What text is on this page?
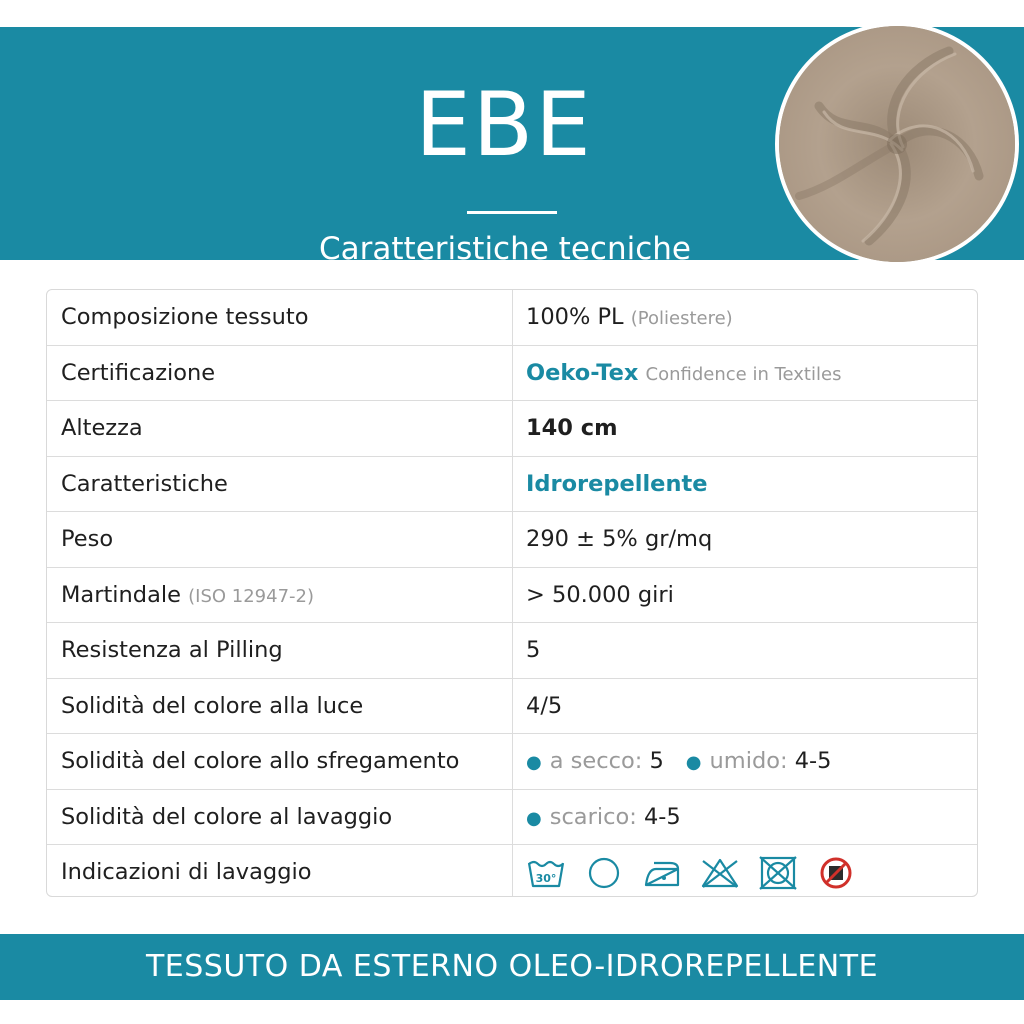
EBE
Caratteristiche tecniche
Composizione tessuto	100% PL (Poliestere)
Certificazione	Oeko-Tex Confidence in Textiles
Altezza	140 cm
Caratteristiche	Idrorepellente
Peso	290 ± 5% gr/mq
Martindale (ISO 12947-2)	> 50.000 giri
Resistenza al Pilling	5
Solidità del colore alla luce	4/5
Solidità del colore allo sfregamento	● a secco: 5 ● umido: 4-5
Solidità del colore al lavaggio	● scarico: 4-5
Indicazioni di lavaggio	30°
TESSUTO DA ESTERNO OLEO-IDROREPELLENTE
